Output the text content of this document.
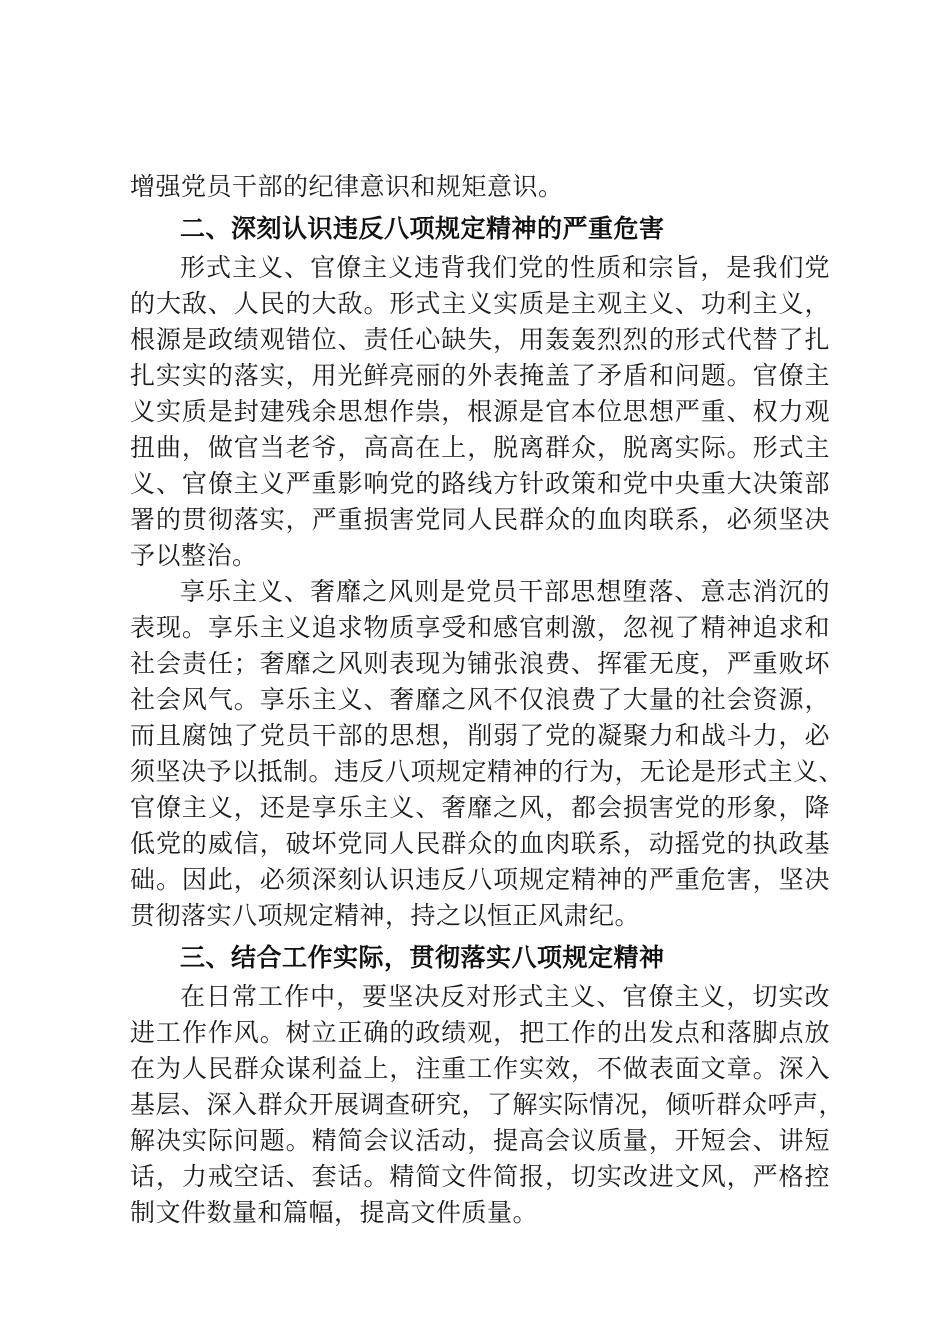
增强党员干部的纪律意识和规矩意识。
二、深刻认识违反八项规定精神的严重危害
形式主义、官僚主义违背我们党的性质和宗旨，是我们党
的大敌、人民的大敌。形式主义实质是主观主义、功利主义，
根源是政绩观错位、责任心缺失，用轰轰烈烈的形式代替了扎
扎实实的落实，用光鲜亮丽的外表掩盖了矛盾和问题。官僚主
义实质是封建残余思想作祟，根源是官本位思想严重、权力观
扭曲，做官当老爷，高高在上，脱离群众，脱离实际。形式主
义、官僚主义严重影响党的路线方针政策和党中央重大决策部
署的贯彻落实，严重损害党同人民群众的血肉联系，必须坚决
予以整治。
享乐主义、奢靡之风则是党员干部思想堕落、意志消沉的
表现。享乐主义追求物质享受和感官刺激，忽视了精神追求和
社会责任；奢靡之风则表现为铺张浪费、挥霍无度，严重败坏
社会风气。享乐主义、奢靡之风不仅浪费了大量的社会资源，
而且腐蚀了党员干部的思想，削弱了党的凝聚力和战斗力，必
须坚决予以抵制。违反八项规定精神的行为，无论是形式主义、
官僚主义，还是享乐主义、奢靡之风，都会损害党的形象，降
低党的威信，破坏党同人民群众的血肉联系，动摇党的执政基
础。因此，必须深刻认识违反八项规定精神的严重危害，坚决
贯彻落实八项规定精神，持之以恒正风肃纪。
三、结合工作实际，贯彻落实八项规定精神
在日常工作中，要坚决反对形式主义、官僚主义，切实改
进工作作风。树立正确的政绩观，把工作的出发点和落脚点放
在为人民群众谋利益上，注重工作实效，不做表面文章。深入
基层、深入群众开展调查研究，了解实际情况，倾听群众呼声，
解决实际问题。精简会议活动，提高会议质量，开短会、讲短
话，力戒空话、套话。精简文件简报，切实改进文风，严格控
制文件数量和篇幅，提高文件质量。
